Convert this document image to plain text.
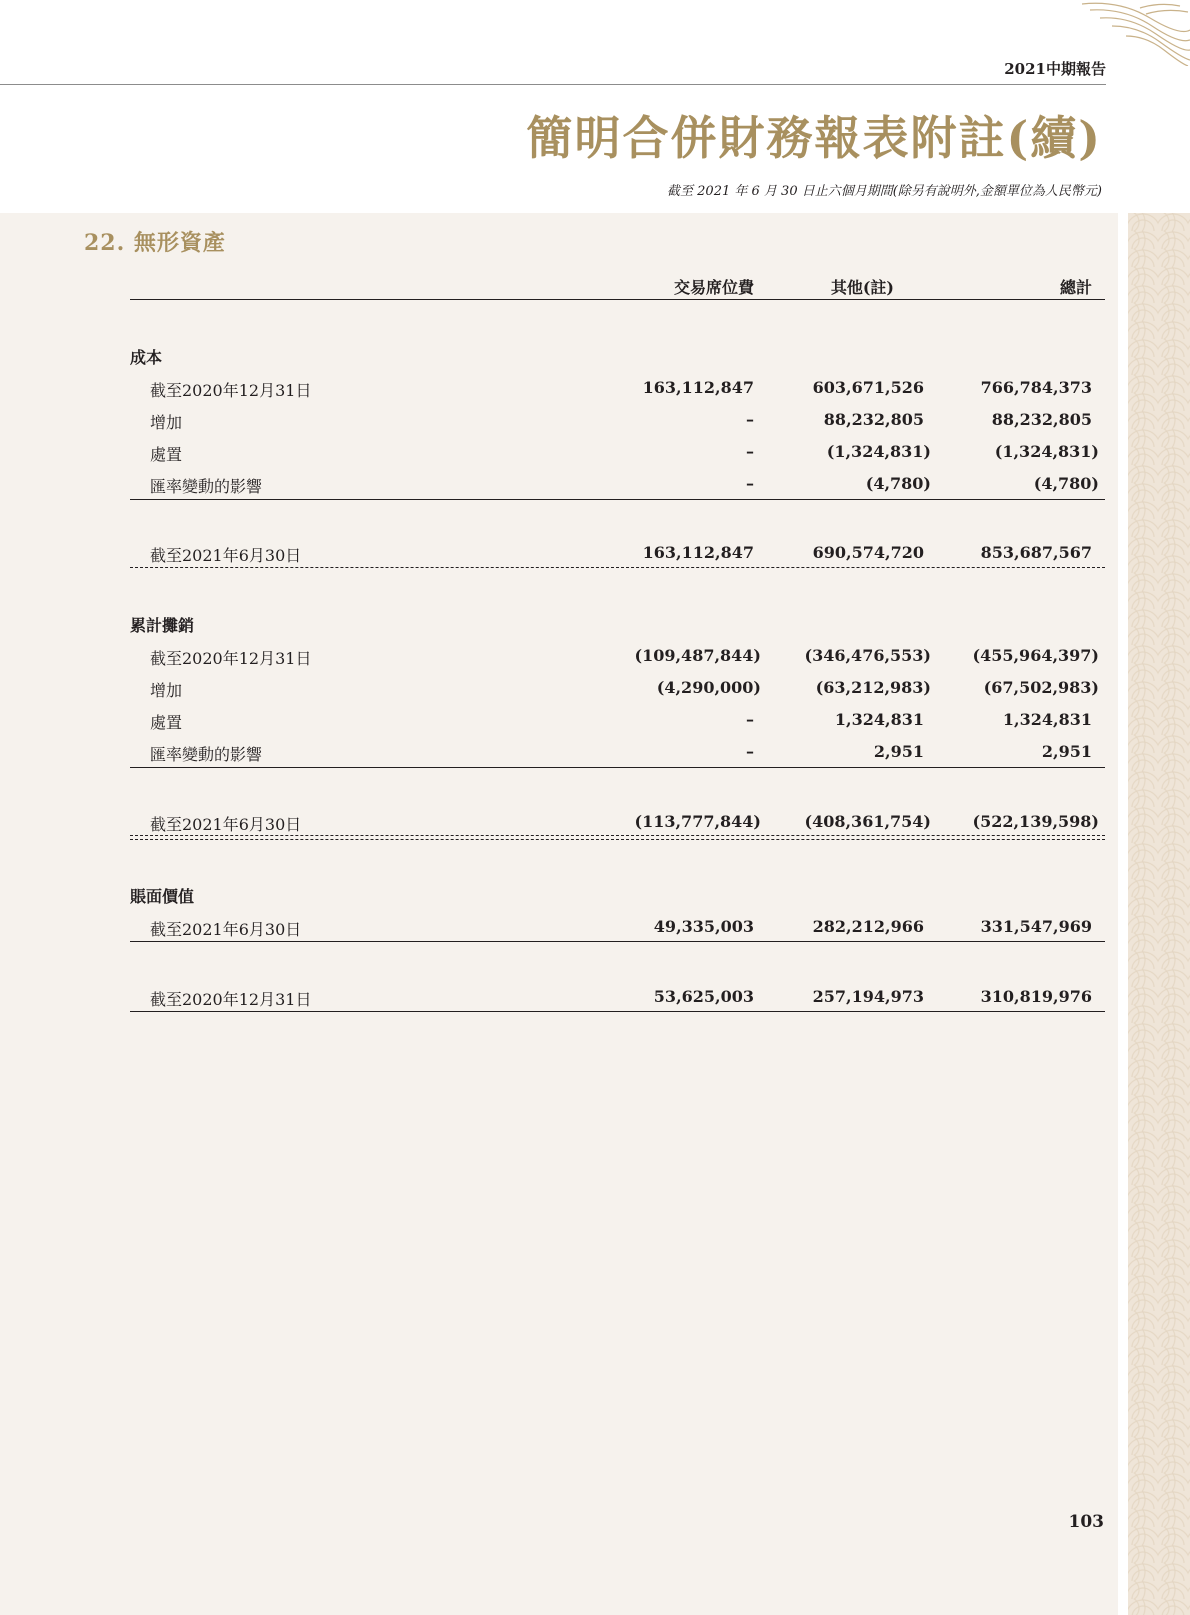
2021中期報告
簡明合併財務報表附註(續)
截至 2021 年 6 月 30 日止六個月期間(除另有說明外,金額單位為人民幣元)
22. 無形資產
交易席位費	其他(註)	總計
成本
截至2020年12月31日	163,112,847	603,671,526	766,784,373
增加	–	88,232,805	88,232,805
處置	–	(1,324,831)	(1,324,831)
匯率變動的影響	–	(4,780)	(4,780)
截至2021年6月30日	163,112,847	690,574,720	853,687,567
累計攤銷
截至2020年12月31日	(109,487,844)	(346,476,553)	(455,964,397)
增加	(4,290,000)	(63,212,983)	(67,502,983)
處置	–	1,324,831	1,324,831
匯率變動的影響	–	2,951	2,951
截至2021年6月30日	(113,777,844)	(408,361,754)	(522,139,598)
賬面價值
截至2021年6月30日	49,335,003	282,212,966	331,547,969
截至2020年12月31日	53,625,003	257,194,973	310,819,976
103
